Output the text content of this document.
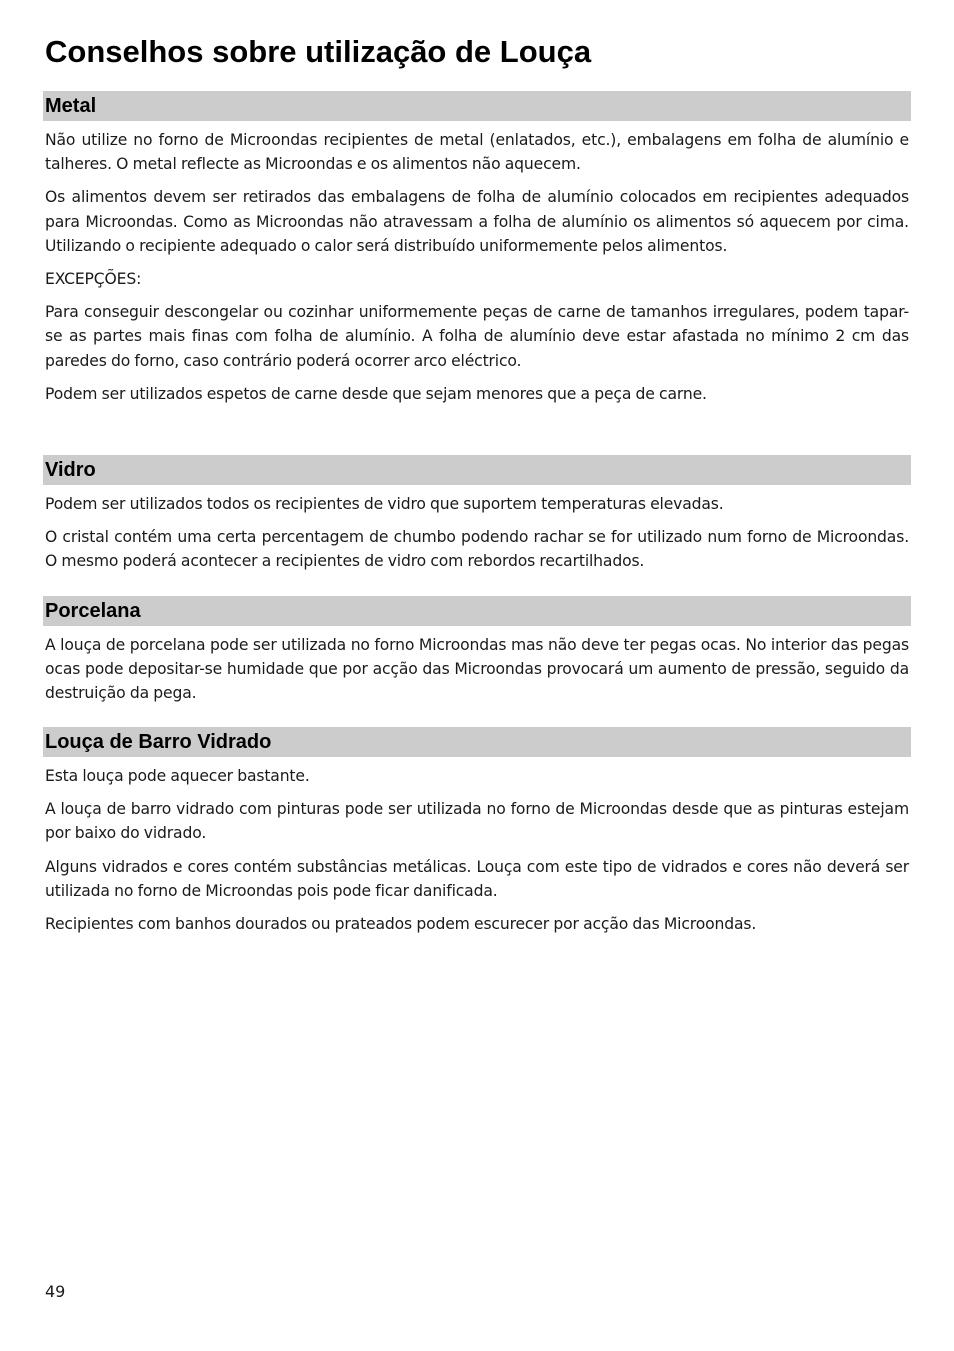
Conselhos sobre utilização de Louça
Metal

Não utilize no forno de Microondas recipientes de metal (enlatados, etc.), embalagens em folha de alumínio e talheres. O metal reflecte as Microondas e os alimentos não aquecem.

Os alimentos devem ser retirados das embalagens de folha de alumínio colocados em recipientes adequados para Microondas. Como as Microondas não atravessam a folha de alumínio os alimentos só aquecem por cima. Utilizando o recipiente adequado o calor será distribuído uniformemente pelos alimentos.

EXCEPÇÕES:

Para conseguir descongelar ou cozinhar uniformemente peças de carne de tamanhos irregulares, podem tapar-se as partes mais finas com folha de alumínio. A folha de alumínio deve estar afastada no mínimo 2 cm das paredes do forno, caso contrário poderá ocorrer arco eléctrico.

Podem ser utilizados espetos de carne desde que sejam menores que a peça de carne.

Vidro

Podem ser utilizados todos os recipientes de vidro que suportem temperaturas elevadas.

O cristal contém uma certa percentagem de chumbo podendo rachar se for utilizado num forno de Microondas. O mesmo poderá acontecer a recipientes de vidro com rebordos recartilhados.

Porcelana

A louça de porcelana pode ser utilizada no forno Microondas mas não deve ter pegas ocas. No interior das pegas ocas pode depositar-se humidade que por acção das Microondas provocará um aumento de pressão, seguido da destruição da pega.

Louça de Barro Vidrado

Esta louça pode aquecer bastante.

A louça de barro vidrado com pinturas pode ser utilizada no forno de Microondas desde que as pinturas estejam por baixo do vidrado.

Alguns vidrados e cores contém substâncias metálicas. Louça com este tipo de vidrados e cores não deverá ser utilizada no forno de Microondas pois pode ficar danificada.

Recipientes com banhos dourados ou prateados podem escurecer por acção das Microondas.

49
